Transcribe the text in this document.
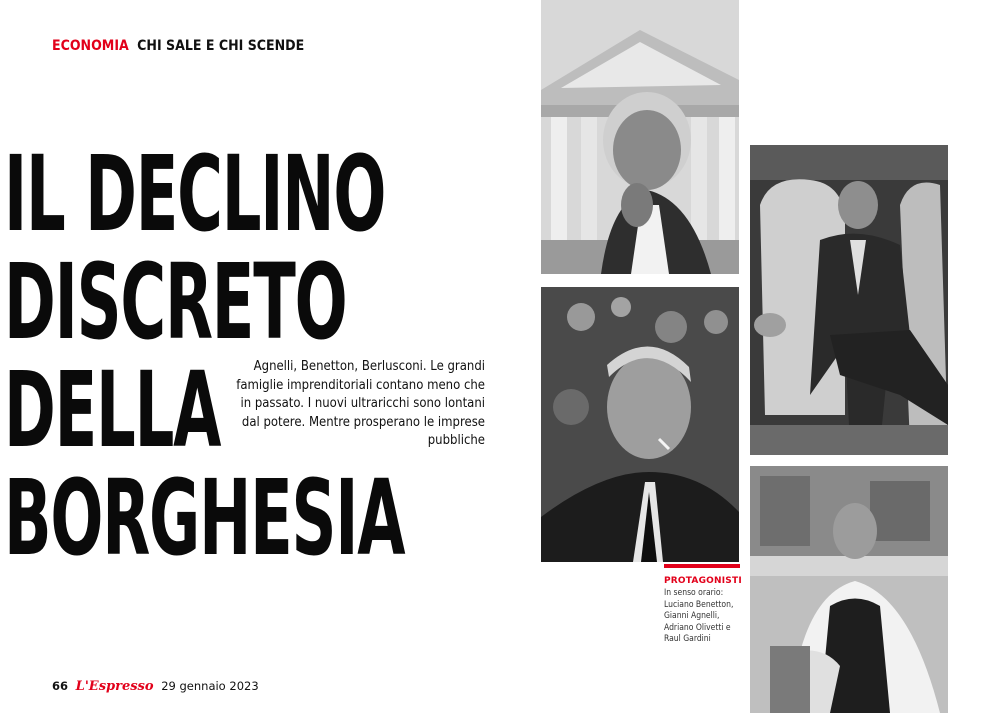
ECONOMIA CHI SALE E CHI SCENDE
IL DECLINO
DISCRETO
DELLA
BORGHESIA

Agnelli, Benetton, Berlusconi. Le grandi famiglie imprenditoriali contano meno che in passato. I nuovi ultraricchi sono lontani dal potere. Mentre prosperano le imprese pubbliche

PROTAGONISTI
In senso orario: Luciano Benetton, Gianni Agnelli, Adriano Olivetti e Raul Gardini
66 L'Espresso 29 gennaio 2023
